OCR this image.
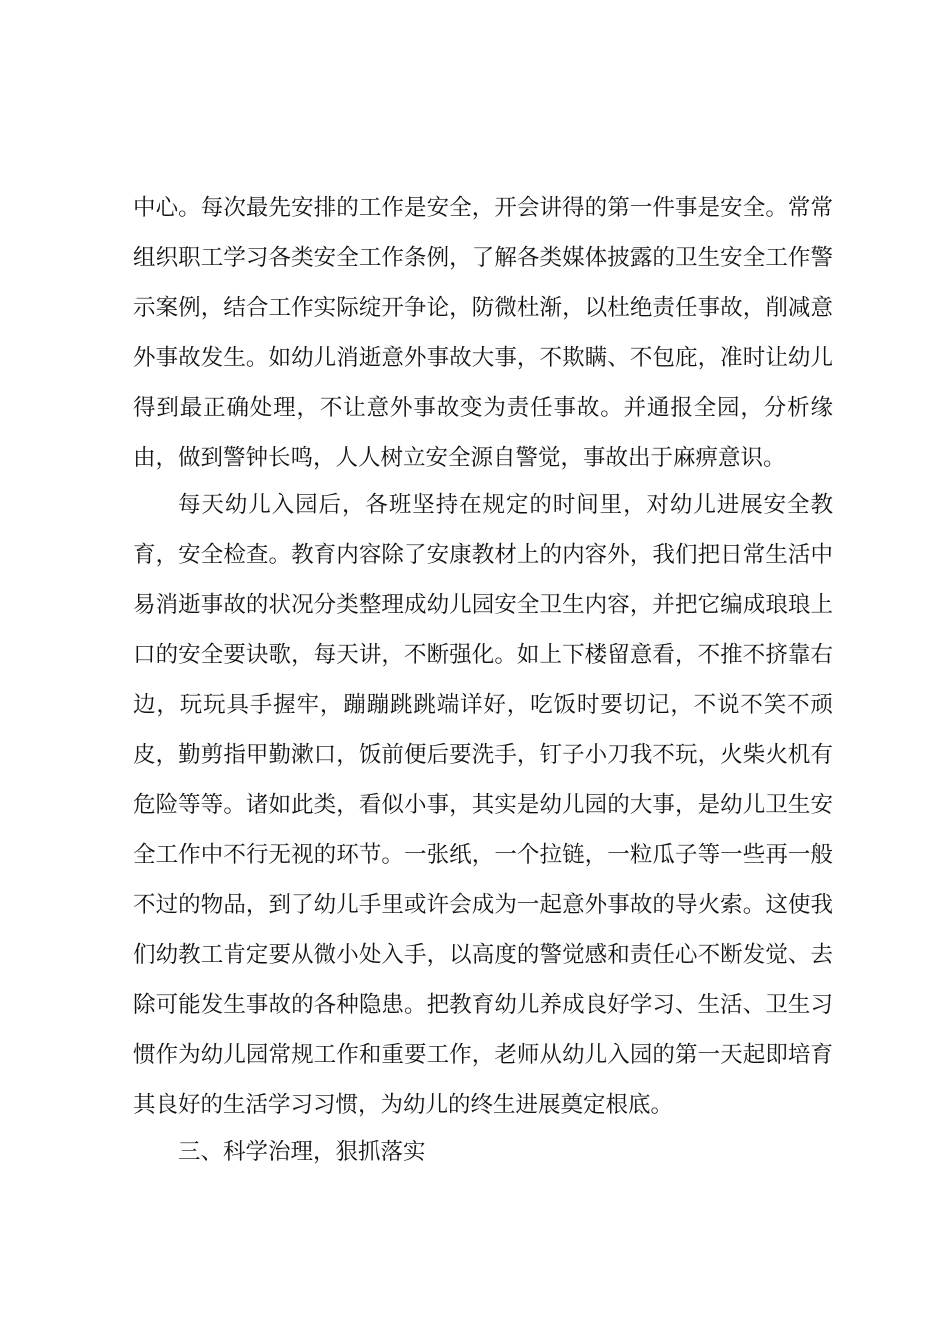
中心。每次最先安排的工作是安全，开会讲得的第一件事是安全。常常
组织职工学习各类安全工作条例，了解各类媒体披露的卫生安全工作警
示案例，结合工作实际绽开争论，防微杜渐，以杜绝责任事故，削减意
外事故发生。如幼儿消逝意外事故大事，不欺瞒、不包庇，准时让幼儿
得到最正确处理，不让意外事故变为责任事故。并通报全园，分析缘
由，做到警钟长鸣，人人树立安全源自警觉，事故出于麻痹意识。
每天幼儿入园后，各班坚持在规定的时间里，对幼儿进展安全教
育，安全检查。教育内容除了安康教材上的内容外，我们把日常生活中
易消逝事故的状况分类整理成幼儿园安全卫生内容，并把它编成琅琅上
口的安全要诀歌，每天讲，不断强化。如上下楼留意看，不推不挤靠右
边，玩玩具手握牢，蹦蹦跳跳端详好，吃饭时要切记，不说不笑不顽
皮，勤剪指甲勤漱口，饭前便后要洗手，钉子小刀我不玩，火柴火机有
危险等等。诸如此类，看似小事，其实是幼儿园的大事，是幼儿卫生安
全工作中不行无视的环节。一张纸，一个拉链，一粒瓜子等一些再一般
不过的物品，到了幼儿手里或许会成为一起意外事故的导火索。这使我
们幼教工肯定要从微小处入手，以高度的警觉感和责任心不断发觉、去
除可能发生事故的各种隐患。把教育幼儿养成良好学习、生活、卫生习
惯作为幼儿园常规工作和重要工作，老师从幼儿入园的第一天起即培育
其良好的生活学习习惯，为幼儿的终生进展奠定根底。
三、科学治理，狠抓落实
